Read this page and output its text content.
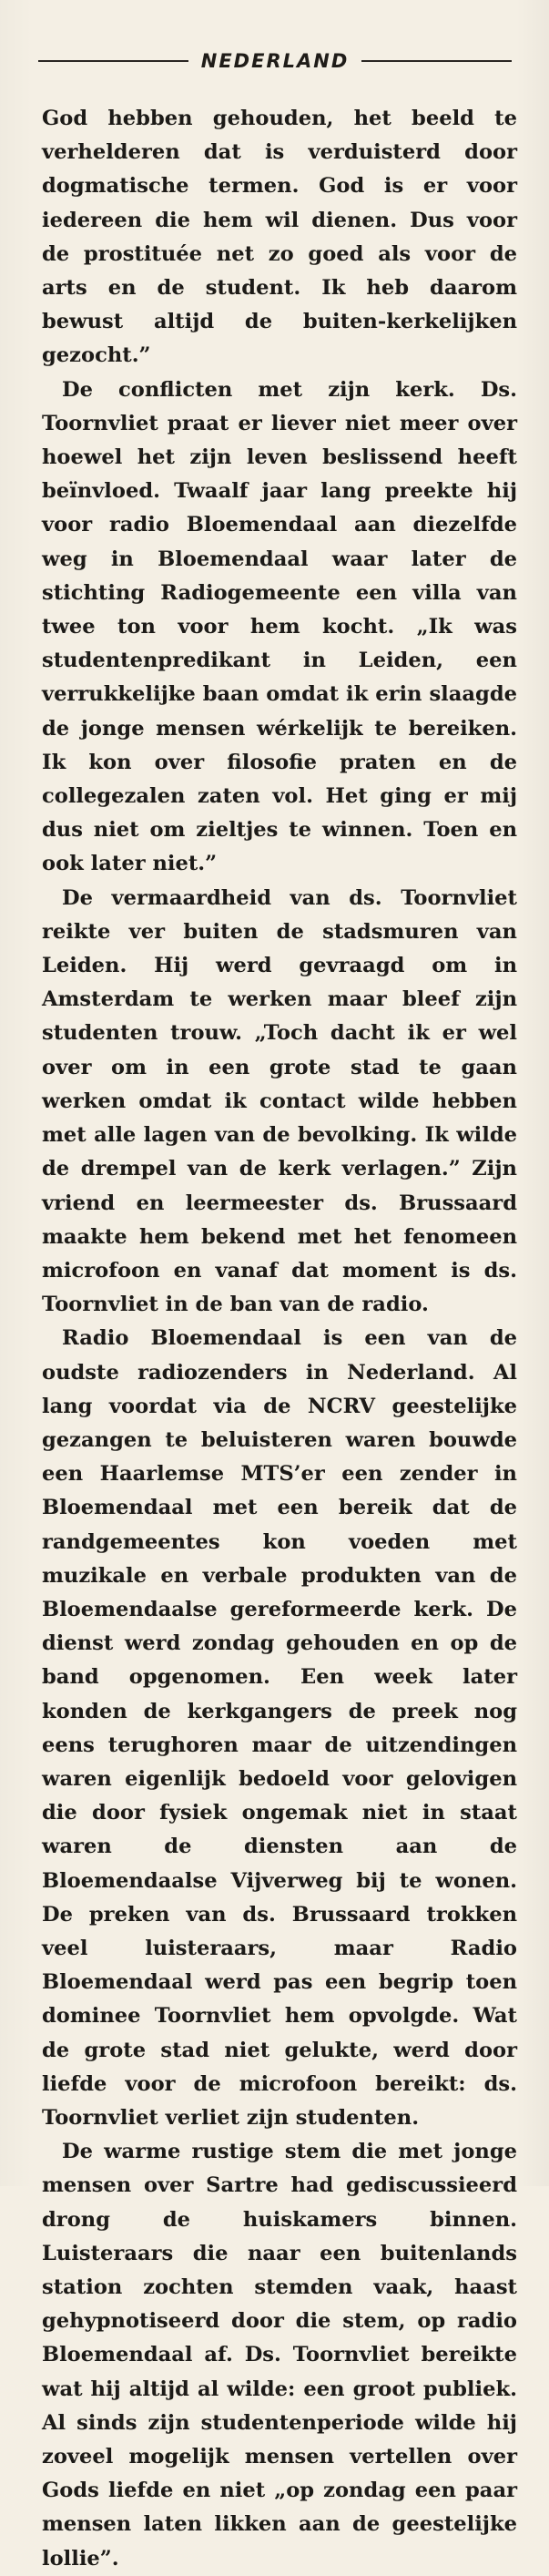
NEDERLAND

God hebben gehouden, het beeld te verhelderen dat is verduisterd door dogmatische termen. God is er voor iedereen die hem wil dienen. Dus voor de prostituée net zo goed als voor de arts en de student. Ik heb daarom bewust altijd de buiten-kerkelijken gezocht.”

De conflicten met zijn kerk. Ds. Toornvliet praat er liever niet meer over hoewel het zijn leven beslissend heeft beïnvloed. Twaalf jaar lang preekte hij voor radio Bloemendaal aan diezelfde weg in Bloemendaal waar later de stichting Radiogemeente een villa van twee ton voor hem kocht. „Ik was studentenpredikant in Leiden, een verrukkelijke baan omdat ik erin slaagde de jonge mensen wérkelijk te bereiken. Ik kon over filosofie praten en de collegezalen zaten vol. Het ging er mij dus niet om zieltjes te winnen. Toen en ook later niet.”

De vermaardheid van ds. Toornvliet reikte ver buiten de stadsmuren van Leiden. Hij werd gevraagd om in Amsterdam te werken maar bleef zijn studenten trouw. „Toch dacht ik er wel over om in een grote stad te gaan werken omdat ik contact wilde hebben met alle lagen van de bevolking. Ik wilde de drempel van de kerk verlagen.” Zijn vriend en leermeester ds. Brussaard maakte hem bekend met het fenomeen microfoon en vanaf dat moment is ds. Toornvliet in de ban van de radio.

Radio Bloemendaal is een van de oudste radiozenders in Nederland. Al lang voordat via de NCRV geestelijke gezangen te beluisteren waren bouwde een Haarlemse MTS’er een zender in Bloemendaal met een bereik dat de randgemeentes kon voeden met muzikale en verbale produkten van de Bloemendaalse gereformeerde kerk. De dienst werd zondag gehouden en op de band opgenomen. Een week later konden de kerkgangers de preek nog eens terughoren maar de uitzendingen waren eigenlijk bedoeld voor gelovigen die door fysiek ongemak niet in staat waren de diensten aan de Bloemendaalse Vijverweg bij te wonen. De preken van ds. Brussaard trokken veel luisteraars, maar Radio Bloemendaal werd pas een begrip toen dominee Toornvliet hem opvolgde. Wat de grote stad niet gelukte, werd door liefde voor de microfoon bereikt: ds. Toornvliet verliet zijn studenten.

De warme rustige stem die met jonge mensen over Sartre had gediscussieerd drong de huiskamers binnen. Luisteraars die naar een buitenlands station zochten stemden vaak, haast gehypnotiseerd door die stem, op radio Bloemendaal af. Ds. Toornvliet bereikte wat hij altijd al wilde: een groot publiek. Al sinds zijn studentenperiode wilde hij zoveel mogelijk mensen vertellen over Gods liefde en niet „op zondag een paar mensen laten likken aan de geestelijke lollie”.
